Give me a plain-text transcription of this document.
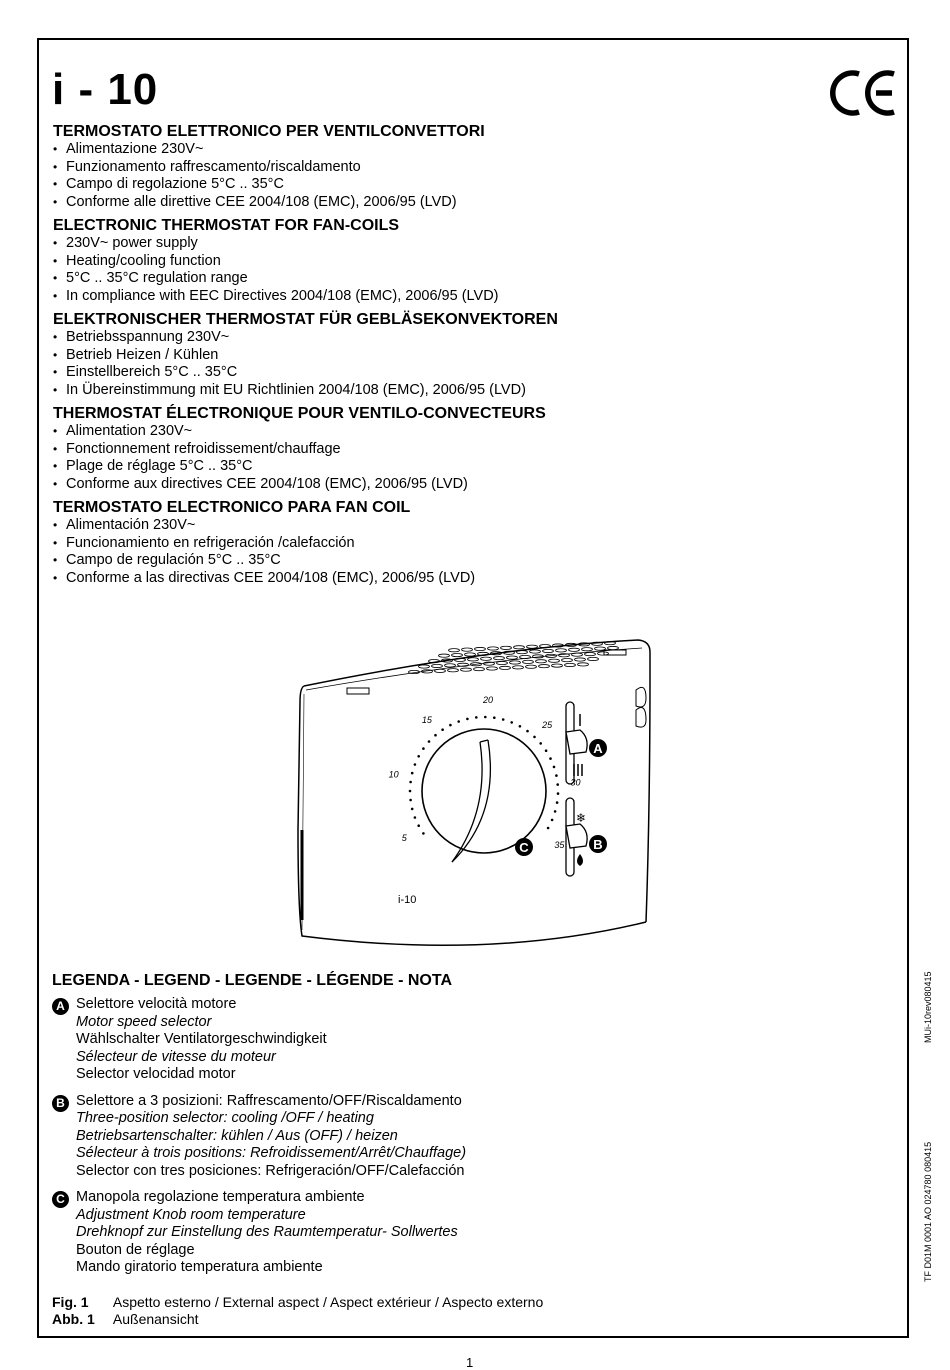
i - 10
TERMOSTATO ELETTRONICO PER VENTILCONVETTORI
• Alimentazione 230V~
• Funzionamento raffrescamento/riscaldamento
• Campo di regolazione 5°C .. 35°C
• Conforme alle direttive CEE 2004/108 (EMC), 2006/95 (LVD)
ELECTRONIC THERMOSTAT FOR FAN-COILS
• 230V~ power supply
• Heating/cooling function
• 5°C .. 35°C regulation range
• In compliance with EEC Directives 2004/108 (EMC), 2006/95 (LVD)
ELEKTRONISCHER THERMOSTAT FÜR GEBLÄSEKONVEKTOREN
• Betriebsspannung 230V~
• Betrieb Heizen / Kühlen
• Einstellbereich 5°C .. 35°C
• In Übereinstimmung mit EU Richtlinien 2004/108 (EMC), 2006/95 (LVD)
THERMOSTAT ÉLECTRONIQUE POUR VENTILO-CONVECTEURS
• Alimentation 230V~
• Fonctionnement refroidissement/chauffage
• Plage de réglage 5°C .. 35°C
• Conforme aux directives CEE 2004/108 (EMC), 2006/95 (LVD)
TERMOSTATO ELECTRONICO PARA FAN COIL
• Alimentación 230V~
• Funcionamiento en refrigeración /calefacción
• Campo de regulación 5°C .. 35°C
• Conforme a las directivas CEE 2004/108 (EMC), 2006/95 (LVD)
5
10
15
20
25
30
35
❄
A
B
C
i-10
LEGENDA - LEGEND - LEGENDE - LÉGENDE - NOTA
A Selettore velocità motore
Motor speed selector
Wählschalter Ventilatorgeschwindigkeit
Sélecteur de vitesse du moteur
Selector velocidad motor
B Selettore a 3 posizioni: Raffrescamento/OFF/Riscaldamento
Three-position selector: cooling /OFF / heating
Betriebsartenschalter: kühlen / Aus (OFF) / heizen
Sélecteur à trois positions: Refroidissement/Arrêt/Chauffage)
Selector con tres posiciones: Refrigeración/OFF/Calefacción
C Manopola regolazione temperatura ambiente
Adjustment Knob room temperature
Drehknopf zur Einstellung des Raumtemperatur- Sollwertes
Bouton de réglage
Mando giratorio temperatura ambiente
Fig. 1 Aspetto esterno / External aspect / Aspect extérieur / Aspecto externo
Abb. 1 Außenansicht
MUi-10rev080415
TF D01M 0001 AO 024780 080415
1
